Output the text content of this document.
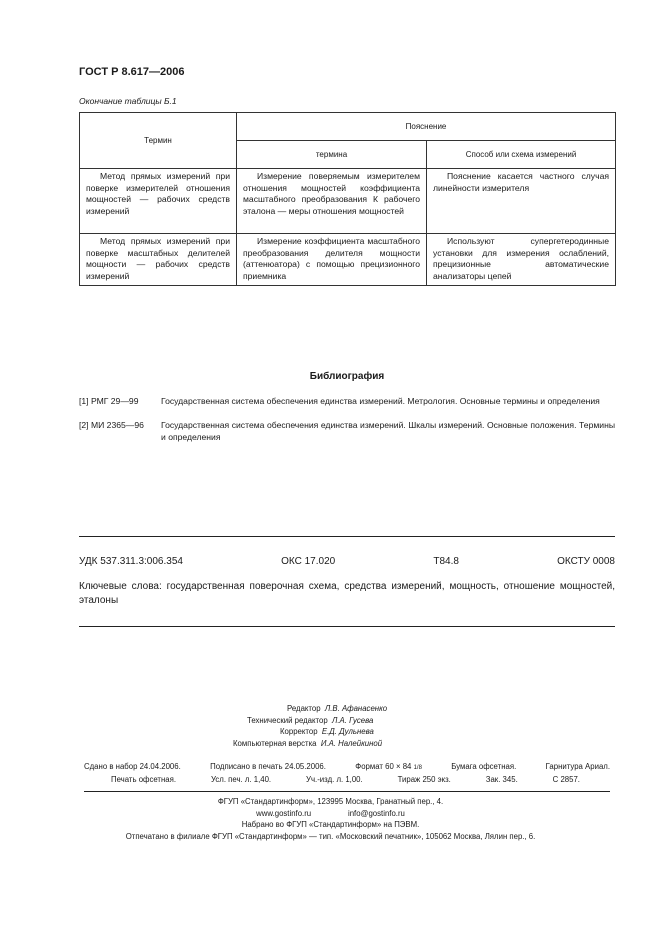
ГОСТ Р 8.617—2006
Окончание таблицы Б.1
Термин	Пояснение	
	термина	Способ или схема измерений
Метод прямых измерений при поверке измерителей отношения мощностей — рабочих средств измерений	Измерение поверяемым измерителем отношения мощностей коэффициента масштабного преобразования К рабочего эталона — меры отношения мощностей	Пояснение касается частного случая линейности измерителя
Метод прямых измерений при поверке масштабных делителей мощности — рабочих средств измерений	Измерение коэффициента масштабного преобразования делителя мощности (аттенюатора) с помощью прецизионного приемника	Используют супергетеродинные установки для измерения ослаблений, прецизионные автоматические анализаторы цепей
Библиография
[1] РМГ 29—99	Государственная система обеспечения единства измерений. Метрология. Основные термины и определения
[2] МИ 2365—96	Государственная система обеспечения единства измерений. Шкалы измерений. Основные положения. Термины и определения
УДК 537.311.3:006.354	ОКС 17.020	Т84.8	ОКСТУ 0008
Ключевые слова: государственная поверочная схема, средства измерений, мощность, отношение мощностей, эталоны
Редактор Л.В. Афанасенко
Технический редактор Л.А. Гусева
Корректор Е.Д. Дульнева
Компьютерная верстка И.А. Налейкиной
Сдано в набор 24.04.2006.	Подписано в печать 24.05.2006.	Формат 60 × 84 1/8	Бумага офсетная.	Гарнитура Ариал.
Печать офсетная.	Усл. печ. л. 1,40.	Уч.-изд. л. 1,00.	Тираж 250 экз.	Зак. 345.	С 2857.
ФГУП «Стандартинформ», 123995 Москва, Гранатный пер., 4.
www.gostinfo.ru	info@gostinfo.ru
Набрано во ФГУП «Стандартинформ» на ПЭВМ.
Отпечатано в филиале ФГУП «Стандартинформ» — тип. «Московский печатник», 105062 Москва, Лялин пер., 6.
